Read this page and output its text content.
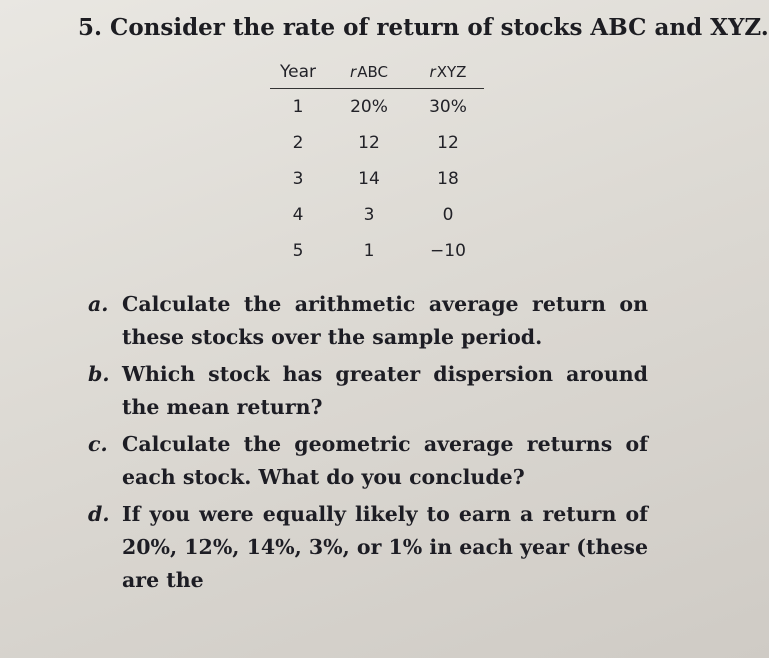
5. Consider the rate of return of stocks ABC and XYZ.
Year	rABC	rXYZ
1	20%	30%
2	12	12
3	14	18
4	3	0
5	1	−10
a. Calculate the arithmetic average return on these stocks over the sample period.
b. Which stock has greater dispersion around the mean return?
c. Calculate the geometric average returns of each stock. What do you conclude?
d. If you were equally likely to earn a return of 20%, 12%, 14%, 3%, or 1% in each year (these are the
